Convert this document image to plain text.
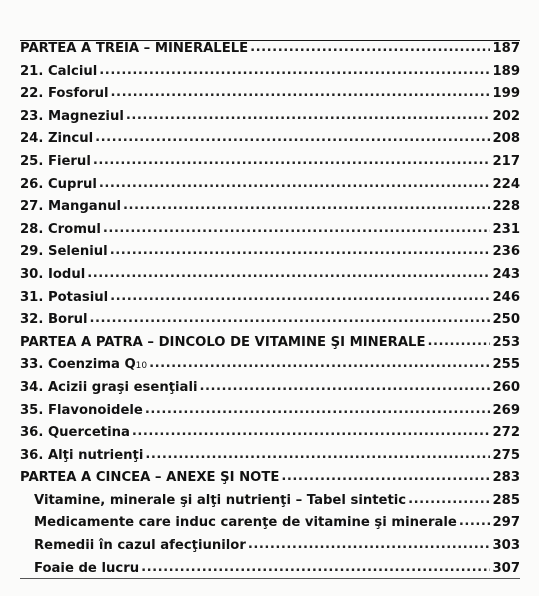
PARTEA A TREIA – MINERALELE .....	187
21. Calciul .....	189
22. Fosforul .....	199
23. Magneziul .....	202
24. Zincul .....	208
25. Fierul .....	217
26. Cuprul .....	224
27. Manganul .....	228
28. Cromul .....	231
29. Seleniul .....	236
30. Iodul .....	243
31. Potasiul .....	246
32. Borul .....	250
PARTEA A PATRA – DINCOLO DE VITAMINE ŞI MINERALE .....	253
33. Coenzima Q10 .....	255
34. Acizii graşi esenţiali .....	260
35. Flavonoidele .....	269
36. Quercetina .....	272
36. Alţi nutrienţi .....	275
PARTEA A CINCEA – ANEXE ŞI NOTE .....	283
Vitamine, minerale şi alţi nutrienţi – Tabel sintetic .....	285
Medicamente care induc carenţe de vitamine şi minerale .....	297
Remedii în cazul afecţiunilor .....	303
Foaie de lucru .....	307
